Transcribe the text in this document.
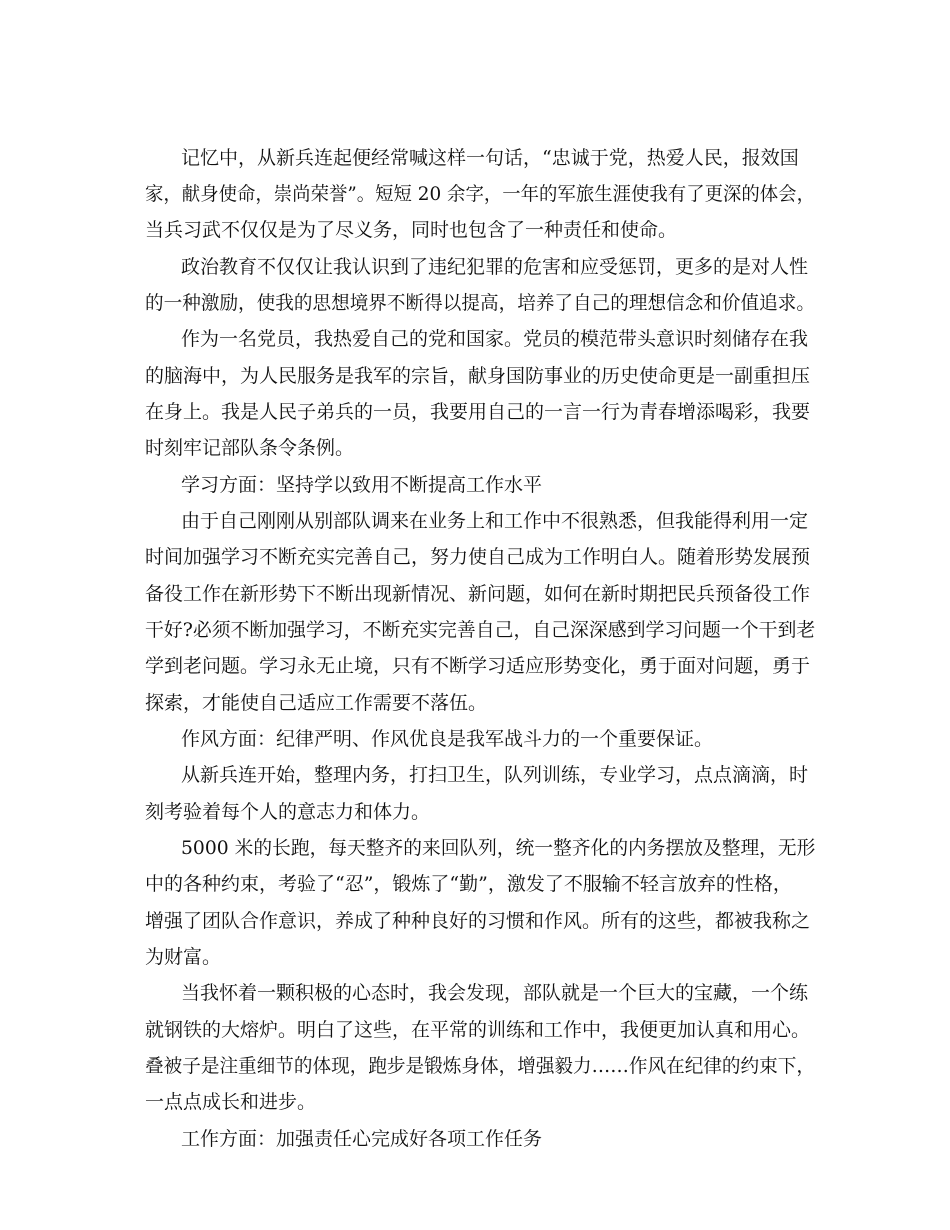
记忆中，从新兵连起便经常喊这样一句话，“忠诚于党，热爱人民，报效国
家，献身使命，崇尚荣誉”。短短 20 余字，一年的军旅生涯使我有了更深的体会，
当兵习武不仅仅是为了尽义务，同时也包含了一种责任和使命。
政治教育不仅仅让我认识到了违纪犯罪的危害和应受惩罚，更多的是对人性
的一种激励，使我的思想境界不断得以提高，培养了自己的理想信念和价值追求。
作为一名党员，我热爱自己的党和国家。党员的模范带头意识时刻储存在我
的脑海中，为人民服务是我军的宗旨，献身国防事业的历史使命更是一副重担压
在身上。我是人民子弟兵的一员，我要用自己的一言一行为青春增添喝彩，我要
时刻牢记部队条令条例。
学习方面：坚持学以致用不断提高工作水平
由于自己刚刚从别部队调来在业务上和工作中不很熟悉，但我能得利用一定
时间加强学习不断充实完善自己，努力使自己成为工作明白人。随着形势发展预
备役工作在新形势下不断出现新情况、新问题，如何在新时期把民兵预备役工作
干好?必须不断加强学习，不断充实完善自己，自己深深感到学习问题一个干到老
学到老问题。学习永无止境，只有不断学习适应形势变化，勇于面对问题，勇于
探索，才能使自己适应工作需要不落伍。
作风方面：纪律严明、作风优良是我军战斗力的一个重要保证。
从新兵连开始，整理内务，打扫卫生，队列训练，专业学习，点点滴滴，时
刻考验着每个人的意志力和体力。
5000 米的长跑，每天整齐的来回队列，统一整齐化的内务摆放及整理，无形
中的各种约束，考验了“忍”，锻炼了“勤”，激发了不服输不轻言放弃的性格，
增强了团队合作意识，养成了种种良好的习惯和作风。所有的这些，都被我称之
为财富。
当我怀着一颗积极的心态时，我会发现，部队就是一个巨大的宝藏，一个练
就钢铁的大熔炉。明白了这些，在平常的训练和工作中，我便更加认真和用心。
叠被子是注重细节的体现，跑步是锻炼身体，增强毅力……作风在纪律的约束下，
一点点成长和进步。
工作方面：加强责任心完成好各项工作任务
